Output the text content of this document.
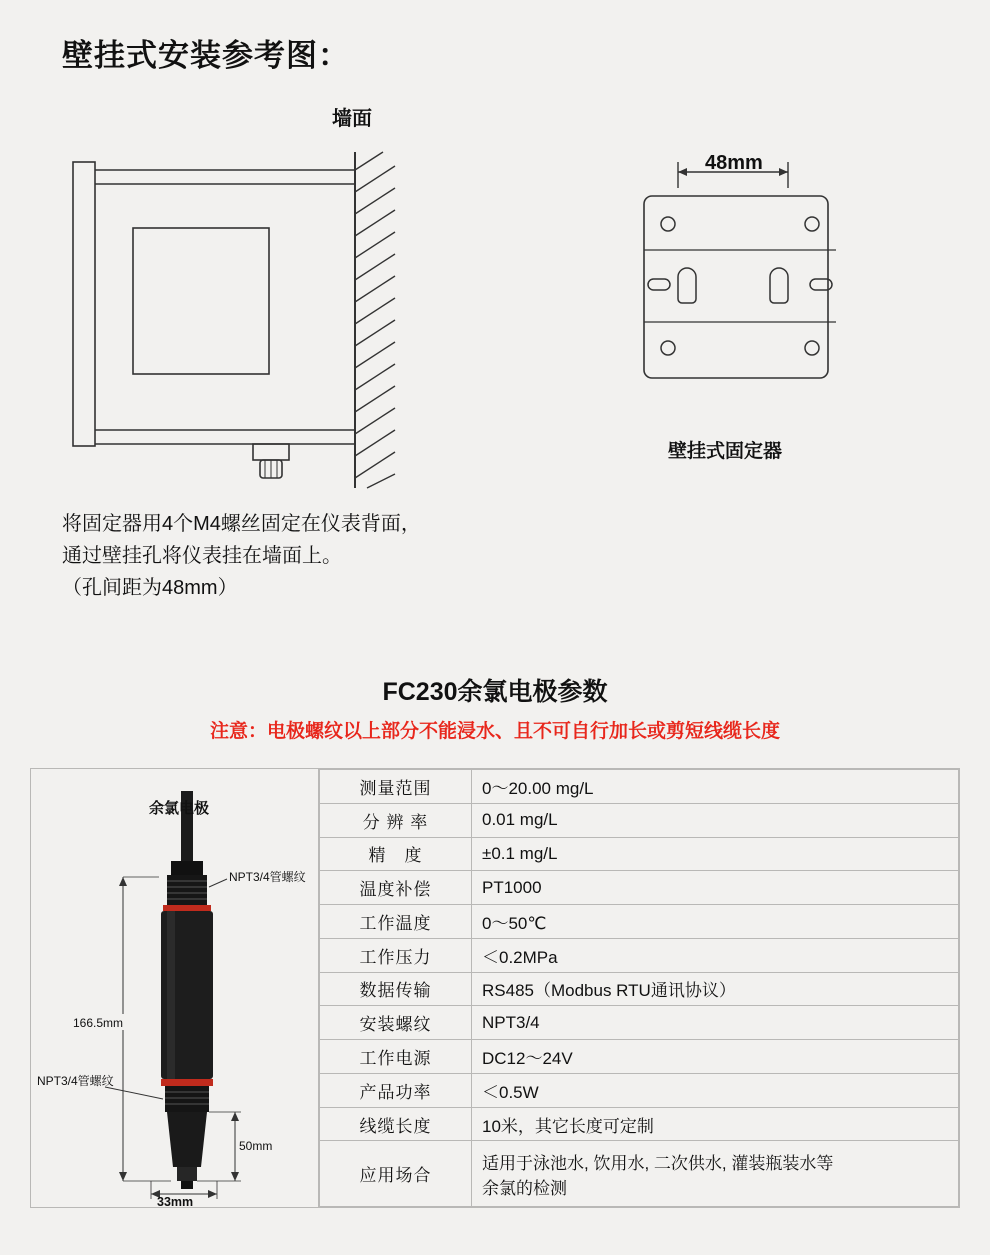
壁挂式安装参考图：
墙面
48mm
壁挂式固定器
将固定器用4个M4螺丝固定在仪表背面，
通过壁挂孔将仪表挂在墙面上。
（孔间距为48mm）
FC230余氯电极参数
注意：电极螺纹以上部分不能浸水、且不可自行加长或剪短线缆长度
余氯电极
NPT3/4管螺纹
NPT3/4管螺纹
166.5mm
50mm
33mm
测量范围	0～20.00 mg/L
分 辨 率	0.01 mg/L
精　度	±0.1 mg/L
温度补偿	PT1000
工作温度	0～50℃
工作压力	＜0.2MPa
数据传输	RS485（Modbus RTU通讯协议）
安装螺纹	NPT3/4
工作电源	DC12～24V
产品功率	＜0.5W
线缆长度	10米，其它长度可定制
应用场合	适用于泳池水, 饮用水, 二次供水, 灌装瓶装水等
余氯的检测
